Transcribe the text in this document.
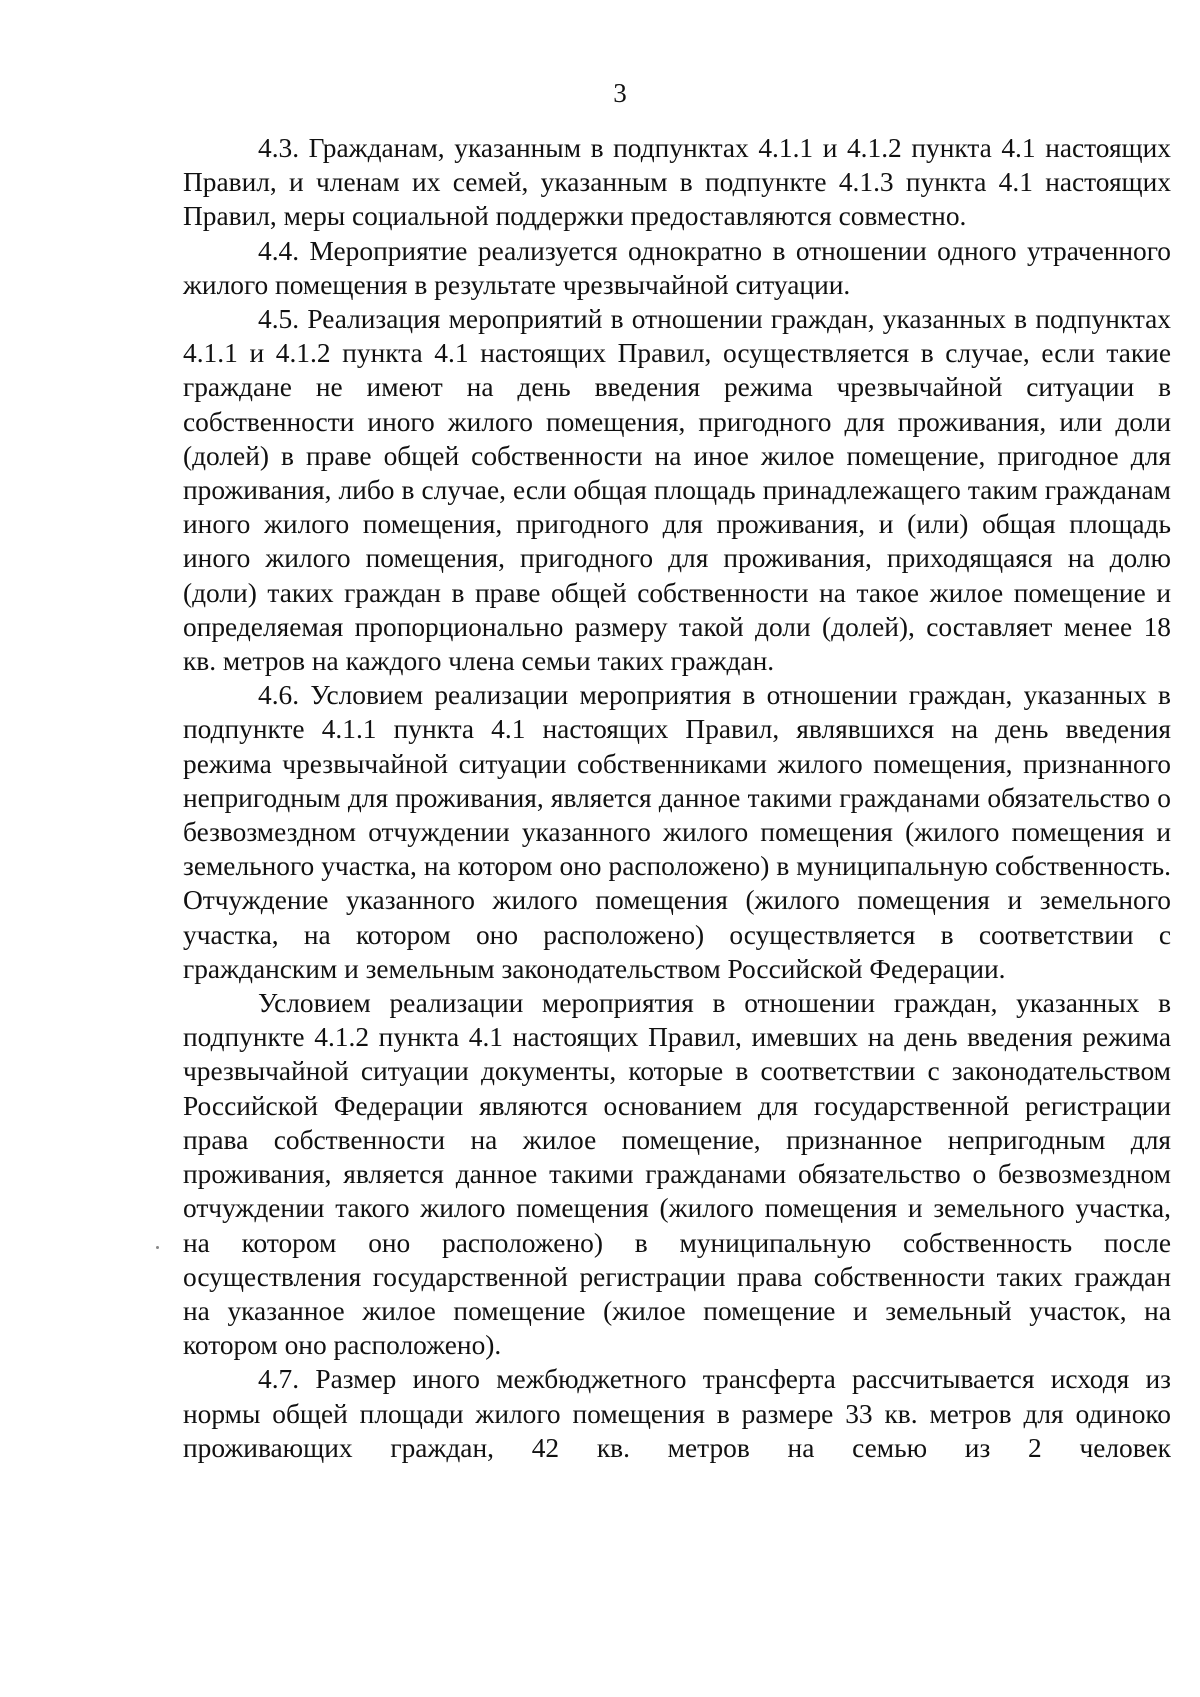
3

4.3. Гражданам, указанным в подпунктах 4.1.1 и 4.1.2 пункта 4.1 настоящих Правил, и членам их семей, указанным в подпункте 4.1.3 пункта 4.1 настоящих Правил, меры социальной поддержки предоставляются совместно.

4.4. Мероприятие реализуется однократно в отношении одного утраченного жилого помещения в результате чрезвычайной ситуации.

4.5. Реализация мероприятий в отношении граждан, указанных в подпунктах 4.1.1 и 4.1.2 пункта 4.1 настоящих Правил, осуществляется в случае, если такие граждане не имеют на день введения режима чрезвычайной ситуации в собственности иного жилого помещения, пригодного для проживания, или доли (долей) в праве общей собственности на иное жилое помещение, пригодное для проживания, либо в случае, если общая площадь принадлежащего таким гражданам иного жилого помещения, пригодного для проживания, и (или) общая площадь иного жилого помещения, пригодного для проживания, приходящаяся на долю (доли) таких граждан в праве общей собственности на такое жилое помещение и определяемая пропорционально размеру такой доли (долей), составляет менее 18 кв. метров на каждого члена семьи таких граждан.

4.6. Условием реализации мероприятия в отношении граждан, указанных в подпункте 4.1.1 пункта 4.1 настоящих Правил, являвшихся на день введения режима чрезвычайной ситуации собственниками жилого помещения, признанного непригодным для проживания, является данное такими гражданами обязательство о безвозмездном отчуждении указанного жилого помещения (жилого помещения и земельного участка, на котором оно расположено) в муниципальную собственность. Отчуждение указанного жилого помещения (жилого помещения и земельного участка, на котором оно расположено) осуществляется в соответствии с гражданским и земельным законодательством Российской Федерации.

Условием реализации мероприятия в отношении граждан, указанных в подпункте 4.1.2 пункта 4.1 настоящих Правил, имевших на день введения режима чрезвычайной ситуации документы, которые в соответствии с законодательством Российской Федерации являются основанием для государственной регистрации права собственности на жилое помещение, признанное непригодным для проживания, является данное такими гражданами обязательство о безвозмездном отчуждении такого жилого помещения (жилого помещения и земельного участка, на котором оно расположено) в муниципальную собственность после осуществления государственной регистрации права собственности таких граждан на указанное жилое помещение (жилое помещение и земельный участок, на котором оно расположено).

4.7. Размер иного межбюджетного трансферта рассчитывается исходя из нормы общей площади жилого помещения в размере 33 кв. метров для одиноко проживающих граждан, 42 кв. метров на семью из 2 человек
